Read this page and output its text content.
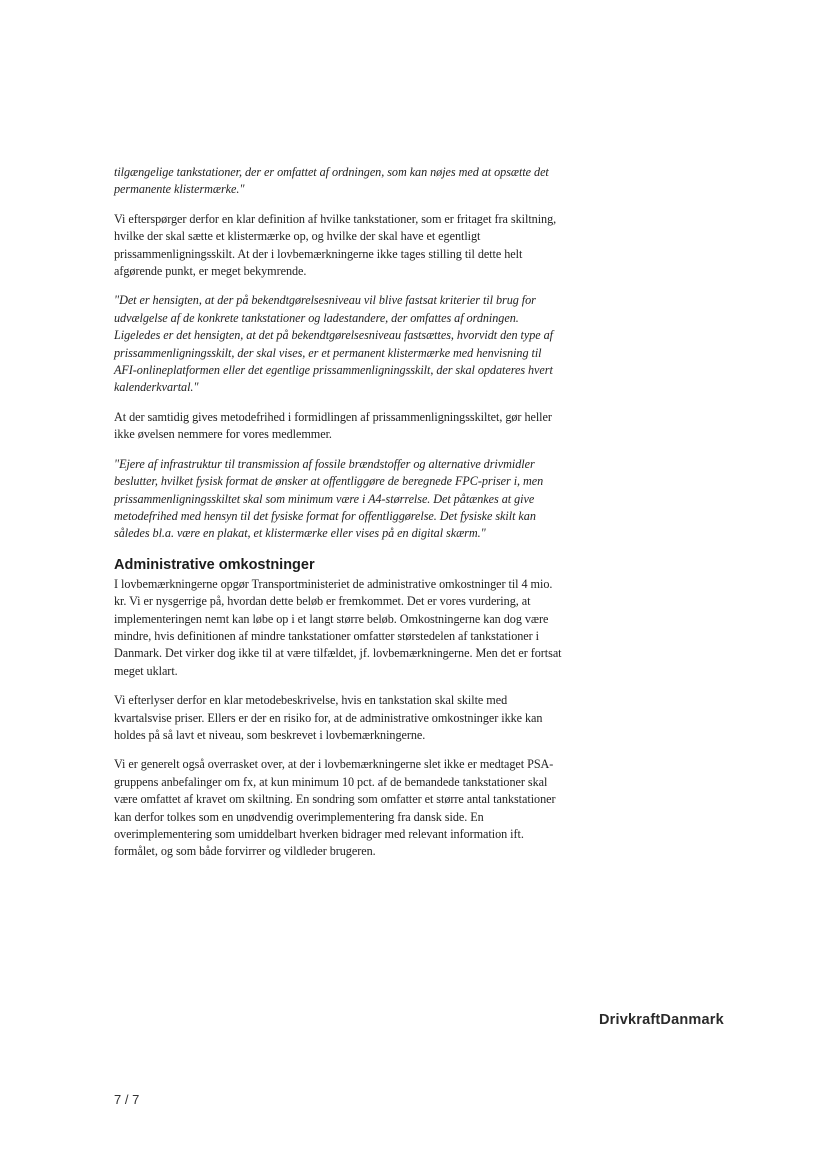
tilgængelige tankstationer, der er omfattet af ordningen, som kan nøjes med at opsætte det permanente klistermærke."

Vi efterspørger derfor en klar definition af hvilke tankstationer, som er fritaget fra skiltning, hvilke der skal sætte et klistermærke op, og hvilke der skal have et egentligt prissammenligningsskilt. At der i lovbemærkningerne ikke tages stilling til dette helt afgørende punkt, er meget bekymrende.

"Det er hensigten, at der på bekendtgørelsesniveau vil blive fastsat kriterier til brug for udvælgelse af de konkrete tankstationer og ladestandere, der omfattes af ordningen. Ligeledes er det hensigten, at det på bekendtgørelsesniveau fastsættes, hvorvidt den type af prissammenligningsskilt, der skal vises, er et permanent klistermærke med henvisning til AFI-onlineplatformen eller det egentlige prissammenligningsskilt, der skal opdateres hvert kalenderkvartal."

At der samtidig gives metodefrihed i formidlingen af prissammenligningsskiltet, gør heller ikke øvelsen nemmere for vores medlemmer.

"Ejere af infrastruktur til transmission af fossile brændstoffer og alternative drivmidler beslutter, hvilket fysisk format de ønsker at offentliggøre de beregnede FPC-priser i, men prissammenligningsskiltet skal som minimum være i A4-størrelse. Det påtænkes at give metodefrihed med hensyn til det fysiske format for offentliggørelse. Det fysiske skilt kan således bl.a. være en plakat, et klistermærke eller vises på en digital skærm."

Administrative omkostninger

I lovbemærkningerne opgør Transportministeriet de administrative omkostninger til 4 mio. kr. Vi er nysgerrige på, hvordan dette beløb er fremkommet. Det er vores vurdering, at implementeringen nemt kan løbe op i et langt større beløb. Omkostningerne kan dog være mindre, hvis definitionen af mindre tankstationer omfatter størstedelen af tankstationer i Danmark. Det virker dog ikke til at være tilfældet, jf. lovbemærkningerne. Men det er fortsat meget uklart.

Vi efterlyser derfor en klar metodebeskrivelse, hvis en tankstation skal skilte med kvartalsvise priser. Ellers er der en risiko for, at de administrative omkostninger ikke kan holdes på så lavt et niveau, som beskrevet i lovbemærkningerne.

Vi er generelt også overrasket over, at der i lovbemærkningerne slet ikke er medtaget PSA-gruppens anbefalinger om fx, at kun minimum 10 pct. af de bemandede tankstationer skal være omfattet af kravet om skiltning. En sondring som omfatter et større antal tankstationer kan derfor tolkes som en unødvendig overimplementering fra dansk side. En overimplementering som umiddelbart hverken bidrager med relevant information ift. formålet, og som både forvirrer og vildleder brugeren.

DrivkraftDanmark
7 / 7
